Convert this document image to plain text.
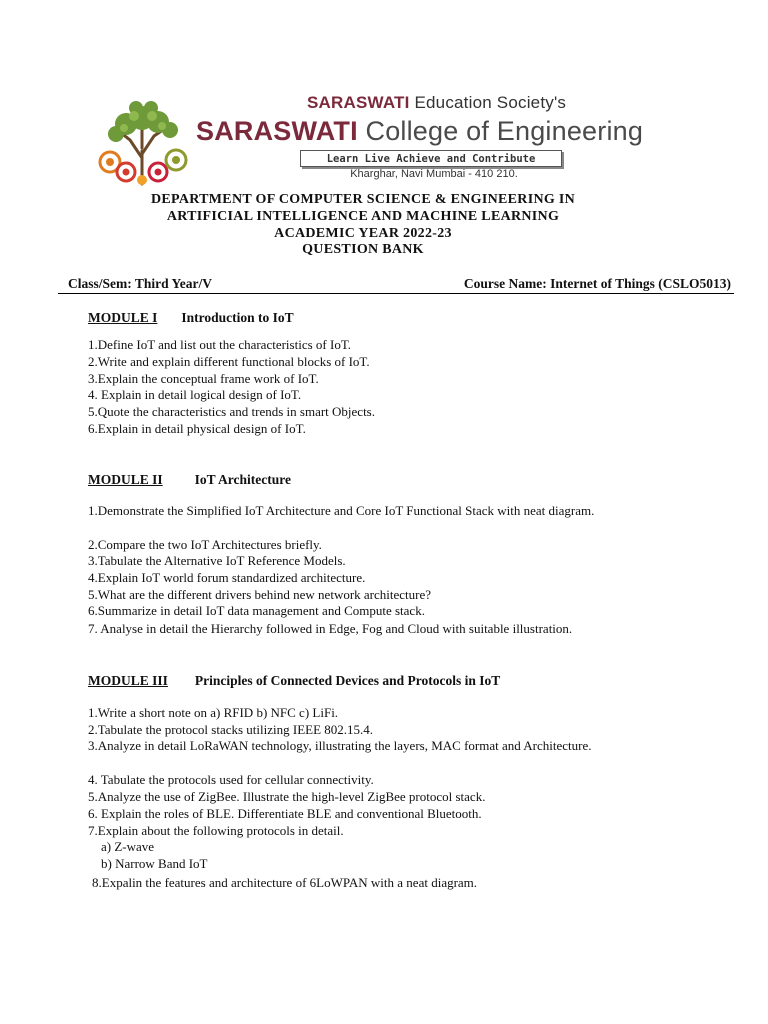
SARASWATI Education Society's
SARASWATI College of Engineering
Learn Live Achieve and Contribute
Kharghar, Navi Mumbai - 410 210.
DEPARTMENT OF COMPUTER SCIENCE & ENGINEERING IN
ARTIFICIAL INTELLIGENCE AND MACHINE LEARNING
ACADEMIC YEAR 2022-23
QUESTION BANK
Class/Sem: Third Year/V	Course Name: Internet of Things (CSLO5013)
MODULE I Introduction to IoT
1.Define IoT and list out the characteristics of IoT.
2.Write and explain different functional blocks of IoT.
3.Explain the conceptual frame work of IoT.
4. Explain in detail logical design of IoT.
5.Quote the characteristics and trends in smart Objects.
6.Explain in detail physical design of IoT.
MODULE II IoT Architecture
1.Demonstrate the Simplified IoT Architecture and Core IoT Functional Stack with neat diagram.
2.Compare the two IoT Architectures briefly.
3.Tabulate the Alternative IoT Reference Models.
4.Explain IoT world forum standardized architecture.
5.What are the different drivers behind new network architecture?
6.Summarize in detail IoT data management and Compute stack.
7. Analyse in detail the Hierarchy followed in Edge, Fog and Cloud with suitable illustration.
MODULE III Principles of Connected Devices and Protocols in IoT
1.Write a short note on a) RFID b) NFC c) LiFi.
2.Tabulate the protocol stacks utilizing IEEE 802.15.4.
3.Analyze in detail LoRaWAN technology, illustrating the layers, MAC format and Architecture.
4. Tabulate the protocols used for cellular connectivity.
5.Analyze the use of ZigBee. Illustrate the high-level ZigBee protocol stack.
6. Explain the roles of BLE. Differentiate BLE and conventional Bluetooth.
7.Explain about the following protocols in detail.
a) Z-wave
b) Narrow Band IoT
8.Expalin the features and architecture of 6LoWPAN with a neat diagram.
